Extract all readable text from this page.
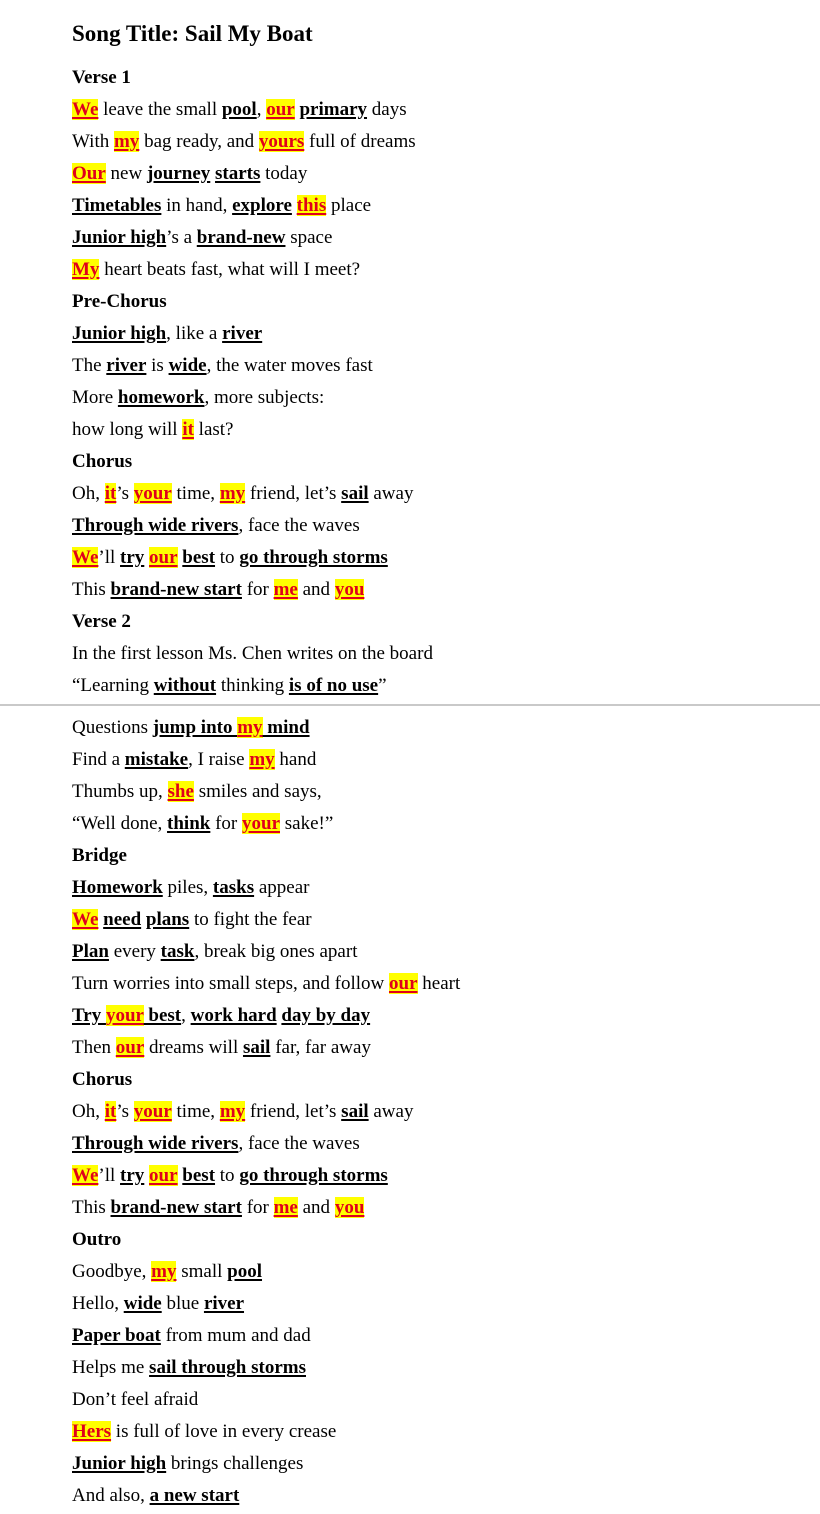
Song Title: Sail My Boat
Verse 1
We leave the small pool, our primary days
With my bag ready, and yours full of dreams
Our new journey starts today
Timetables in hand, explore this place
Junior high’s a brand-new space
My heart beats fast, what will I meet?
Pre-Chorus
Junior high, like a river
The river is wide, the water moves fast
More homework, more subjects:
how long will it last?
Chorus
Oh, it’s your time, my friend, let’s sail away
Through wide rivers, face the waves
We’ll try our best to go through storms
This brand-new start for me and you
Verse 2
In the first lesson Ms. Chen writes on the board
“Learning without thinking is of no use”
Questions jump into my mind
Find a mistake, I raise my hand
Thumbs up, she smiles and says,
“Well done, think for your sake!”
Bridge
Homework piles, tasks appear
We need plans to fight the fear
Plan every task, break big ones apart
Turn worries into small steps, and follow our heart
Try your best, work hard day by day
Then our dreams will sail far, far away
Chorus
Oh, it’s your time, my friend, let’s sail away
Through wide rivers, face the waves
We’ll try our best to go through storms
This brand-new start for me and you
Outro
Goodbye, my small pool
Hello, wide blue river
Paper boat from mum and dad
Helps me sail through storms
Don’t feel afraid
Hers is full of love in every crease
Junior high brings challenges
And also, a new start
